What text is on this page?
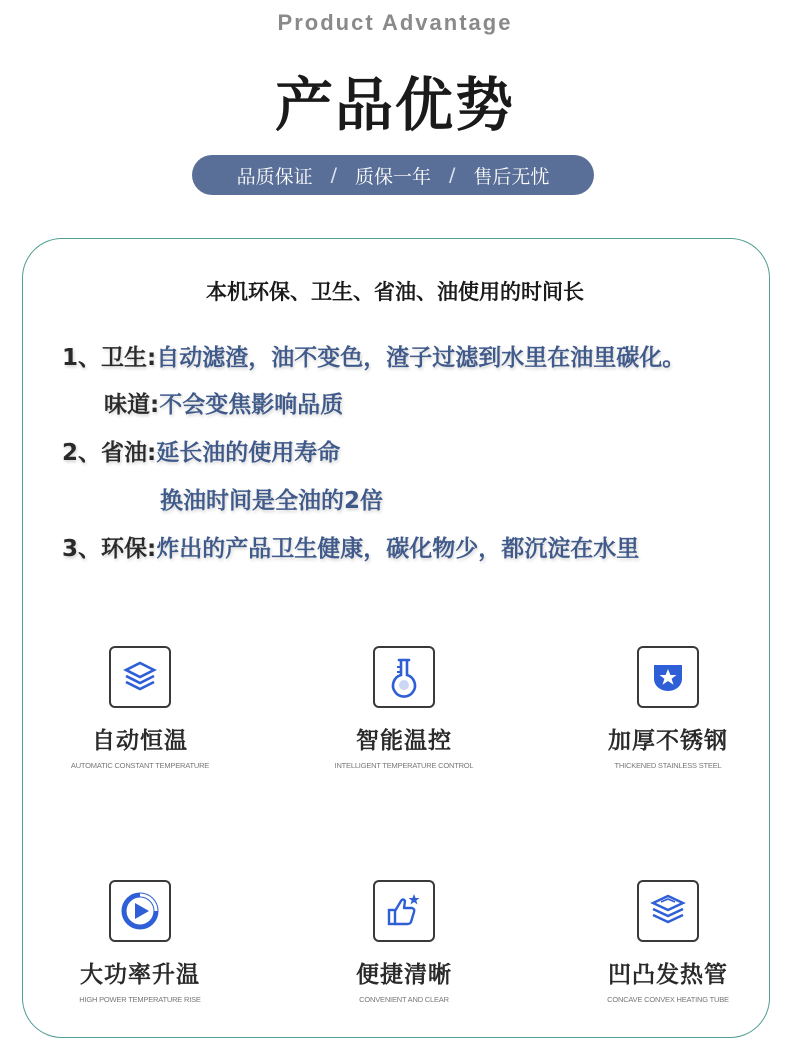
Product Advantage
产品优势
品质保证 / 质保一年 / 售后无忧
本机环保、卫生、省油、油使用的时间长
1、卫生:自动滤渣，油不变色，渣子过滤到水里在油里碳化。
味道:不会变焦影响品质
2、省油:延长油的使用寿命
换油时间是全油的2倍
3、环保:炸出的产品卫生健康，碳化物少，都沉淀在水里
自动恒温
AUTOMATIC CONSTANT TEMPERATURE
智能温控
INTELLIGENT TEMPERATURE CONTROL
加厚不锈钢
THICKENED STAINLESS STEEL
大功率升温
HIGH POWER TEMPERATURE RISE
便捷清晰
CONVENIENT AND CLEAR
凹凸发热管
CONCAVE CONVEX HEATING TUBE
